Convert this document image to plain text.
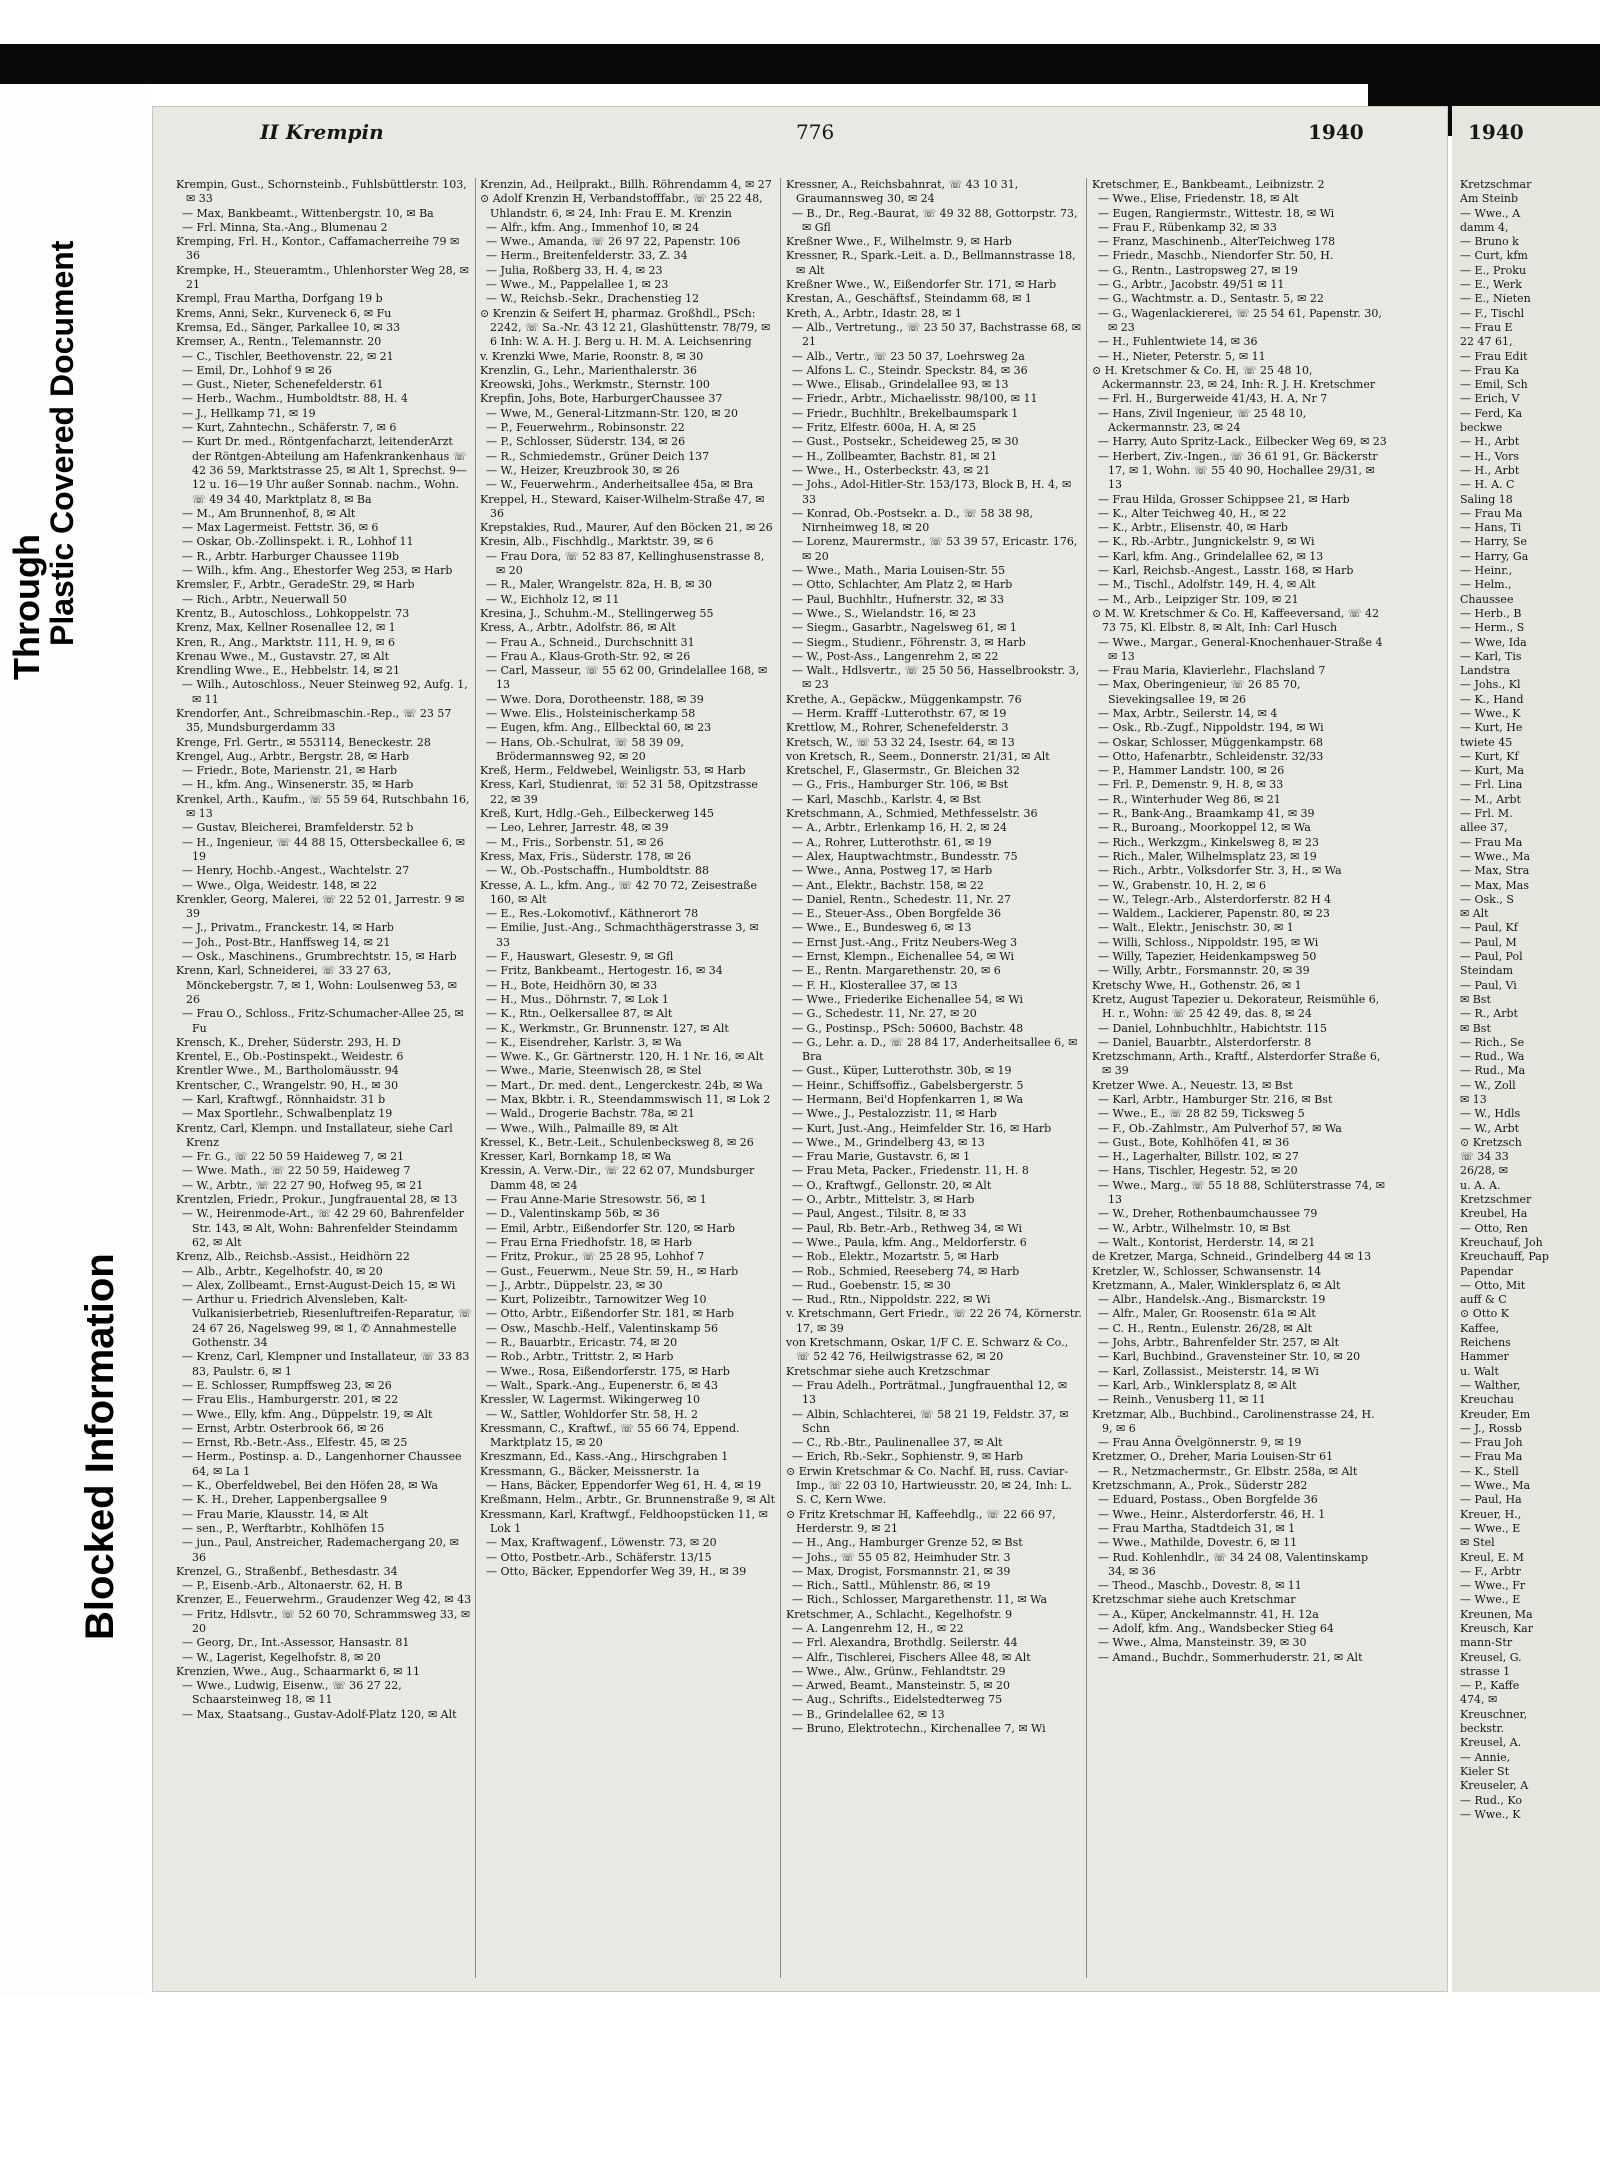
Through
Plastic Covered Document
Blocked Information
II Krempin	776	1940
Krempin, Gust., Schornsteinb., Fuhlsbüttlerstr. 103, ✉ 33
— Max, Bankbeamt., Wittenbergstr. 10, ✉ Ba
— Frl. Minna, Sta.-Ang., Blumenau 2
Kremping, Frl. H., Kontor., Caffamacherreihe 79 ✉ 36
Krempke, H., Steueramtm., Uhlenhorster Weg 28, ✉ 21
Krempl, Frau Martha, Dorfgang 19 b
Krems, Anni, Sekr., Kurveneck 6, ✉ Fu
Kremsa, Ed., Sänger, Parkallee 10, ✉ 33
Kremser, A., Rentn., Telemannstr. 20
— C., Tischler, Beethovenstr. 22, ✉ 21
— Emil, Dr., Lohhof 9 ✉ 26
— Gust., Nieter, Schenefelderstr. 61
— Herb., Wachm., Humboldtstr. 88, H. 4
— J., Hellkamp 71, ✉ 19
— Kurt, Zahntechn., Schäferstr. 7, ✉ 6
— Kurt Dr. med., Röntgenfacharzt, leitenderArzt der Röntgen-Abteilung am Hafenkrankenhaus ☏ 42 36 59, Marktstrasse 25, ✉ Alt 1, Sprechst. 9—12 u. 16—19 Uhr außer Sonnab. nachm., Wohn. ☏ 49 34 40, Marktplatz 8, ✉ Ba
— M., Am Brunnenhof, 8, ✉ Alt
— Max Lagermeist. Fettstr. 36, ✉ 6
— Oskar, Ob.-Zollinspekt. i. R., Lohhof 11
— R., Arbtr. Harburger Chaussee 119b
— Wilh., kfm. Ang., Ehestorfer Weg 253, ✉ Harb
Kremsler, F., Arbtr., GeradeStr. 29, ✉ Harb
— Rich., Arbtr., Neuerwall 50
Krentz, B., Autoschloss., Lohkoppelstr. 73
Krenz, Max, Kellner Rosenallee 12, ✉ 1
Kren, R., Ang., Marktstr. 111, H. 9, ✉ 6
Krenau Wwe., M., Gustavstr. 27, ✉ Alt
Krendling Wwe., E., Hebbelstr. 14, ✉ 21
— Wilh., Autoschloss., Neuer Steinweg 92, Aufg. 1, ✉ 11
Krendorfer, Ant., Schreibmaschin.-Rep., ☏ 23 57 35, Mundsburgerdamm 33
Krenge, Frl. Gertr., ✉ 553114, Beneckestr. 28
Krengel, Aug., Arbtr., Bergstr. 28, ✉ Harb
— Friedr., Bote, Marienstr. 21, ✉ Harb
— H., kfm. Ang., Winsenerstr. 35, ✉ Harb
Krenkel, Arth., Kaufm., ☏ 55 59 64, Rutschbahn 16, ✉ 13
— Gustav, Bleicherei, Bramfelderstr. 52 b
— H., Ingenieur, ☏ 44 88 15, Ottersbeckallee 6, ✉ 19
— Henry, Hochb.-Angest., Wachtelstr. 27
— Wwe., Olga, Weidestr. 148, ✉ 22
Krenkler, Georg, Malerei, ☏ 22 52 01, Jarrestr. 9 ✉ 39
— J., Privatm., Franckestr. 14, ✉ Harb
— Joh., Post-Btr., Hanffsweg 14, ✉ 21
— Osk., Maschinens., Grumbrechtstr. 15, ✉ Harb
Krenn, Karl, Schneiderei, ☏ 33 27 63, Mönckebergstr. 7, ✉ 1, Wohn: Loulsenweg 53, ✉ 26
— Frau O., Schloss., Fritz-Schumacher-Allee 25, ✉ Fu
Krensch, K., Dreher, Süderstr. 293, H. D
Krentel, E., Ob.-Postinspekt., Weidestr. 6
Krentler Wwe., M., Bartholomäusstr. 94
Krentscher, C., Wrangelstr. 90, H., ✉ 30
— Karl, Kraftwgf., Rönnhaidstr. 31 b
— Max Sportlehr., Schwalbenplatz 19
Krentz, Carl, Klempn. und Installateur, siehe Carl Krenz
— Fr. G., ☏ 22 50 59 Haideweg 7, ✉ 21
— Wwe. Math., ☏ 22 50 59, Haideweg 7
— W., Arbtr., ☏ 22 27 90, Hofweg 95, ✉ 21
Krentzlen, Friedr., Prokur., Jungfrauental 28, ✉ 13
— W., Heirenmode-Art., ☏ 42 29 60, Bahrenfelder Str. 143, ✉ Alt, Wohn: Bahrenfelder Steindamm 62, ✉ Alt
Krenz, Alb., Reichsb.-Assist., Heidhörn 22
— Alb., Arbtr., Kegelhofstr. 40, ✉ 20
— Alex, Zollbeamt., Ernst-August-Deich 15, ✉ Wi
— Arthur u. Friedrich Alvensleben, Kalt-Vulkanisierbetrieb, Riesenluftreifen-Reparatur, ☏ 24 67 26, Nagelsweg 99, ✉ 1, ✆ Annahmestelle Gothenstr. 34
— Krenz, Carl, Klempner und Installateur, ☏ 33 83 83, Paulstr. 6, ✉ 1
— E. Schlosser, Rumpffsweg 23, ✉ 26
— Frau Elis., Hamburgerstr. 201, ✉ 22
— Wwe., Elly, kfm. Ang., Düppelstr. 19, ✉ Alt
— Ernst, Arbtr. Osterbrook 66, ✉ 26
— Ernst, Rb.-Betr.-Ass., Elfestr. 45, ✉ 25
— Herm., Postinsp. a. D., Langenhorner Chaussee 64, ✉ La 1
— K., Oberfeldwebel, Bei den Höfen 28, ✉ Wa
— K. H., Dreher, Lappenbergsallee 9
— Frau Marie, Klausstr. 14, ✉ Alt
— sen., P., Werftarbtr., Kohlhöfen 15
— jun., Paul, Anstreicher, Rademachergang 20, ✉ 36
Krenzel, G., Straßenbf., Bethesdastr. 34
— P., Eisenb.-Arb., Altonaerstr. 62, H. B
Krenzer, E., Feuerwehrm., Graudenzer Weg 42, ✉ 43
— Fritz, Hdlsvtr., ☏ 52 60 70, Schrammsweg 33, ✉ 20
— Georg, Dr., Int.-Assessor, Hansastr. 81
— W., Lagerist, Kegelhofstr. 8, ✉ 20
Krenzien, Wwe., Aug., Schaarmarkt 6, ✉ 11
— Wwe., Ludwig, Eisenw., ☏ 36 27 22, Schaarsteinweg 18, ✉ 11
— Max, Staatsang., Gustav-Adolf-Platz 120, ✉ Alt
Krenzin, Ad., Heilprakt., Billh. Röhrendamm 4, ✉ 27
⊙ Adolf Krenzin ℍ, Verbandstofffabr., ☏ 25 22 48, Uhlandstr. 6, ✉ 24, Inh: Frau E. M. Krenzin
— Alfr., kfm. Ang., Immenhof 10, ✉ 24
— Wwe., Amanda, ☏ 26 97 22, Papenstr. 106
— Herm., Breitenfelderstr. 33, Z. 34
— Julia, Roßberg 33, H. 4, ✉ 23
— Wwe., M., Pappelallee 1, ✉ 23
— W., Reichsb.-Sekr., Drachenstieg 12
⊙ Krenzin & Seifert ℍ, pharmaz. Großhdl., PSch: 2242, ☏ Sa.-Nr. 43 12 21, Glashüttenstr. 78/79, ✉ 6 Inh: W. A. H. J. Berg u. H. M. A. Leichsenring
v. Krenzki Wwe, Marie, Roonstr. 8, ✉ 30
Krenzlin, G., Lehr., Marienthalerstr. 36
Kreowski, Johs., Werkmstr., Sternstr. 100
Krepfin, Johs, Bote, HarburgerChaussee 37
— Wwe, M., General-Litzmann-Str. 120, ✉ 20
— P., Feuerwehrm., Robinsonstr. 22
— P., Schlosser, Süderstr. 134, ✉ 26
— R., Schmiedemstr., Grüner Deich 137
— W., Heizer, Kreuzbrook 30, ✉ 26
— W., Feuerwehrm., Anderheitsallee 45a, ✉ Bra
Kreppel, H., Steward, Kaiser-Wilhelm-Straße 47, ✉ 36
Krepstakies, Rud., Maurer, Auf den Böcken 21, ✉ 26
Kresin, Alb., Fischhdlg., Marktstr. 39, ✉ 6
— Frau Dora, ☏ 52 83 87, Kellinghusenstrasse 8, ✉ 20
— R., Maler, Wrangelstr. 82a, H. B, ✉ 30
— W., Eichholz 12, ✉ 11
Kresina, J., Schuhm.-M., Stellingerweg 55
Kress, A., Arbtr., Adolfstr. 86, ✉ Alt
— Frau A., Schneid., Durchschnitt 31
— Frau A., Klaus-Groth-Str. 92, ✉ 26
— Carl, Masseur, ☏ 55 62 00, Grindelallee 168, ✉ 13
— Wwe. Dora, Dorotheenstr. 188, ✉ 39
— Wwe. Elis., Holsteinischerkamp 58
— Eugen, kfm. Ang., Ellbecktal 60, ✉ 23
— Hans, Ob.-Schulrat, ☏ 58 39 09, Brödermannsweg 92, ✉ 20
Kreß, Herm., Feldwebel, Weinligstr. 53, ✉ Harb
Kress, Karl, Studienrat, ☏ 52 31 58, Opitzstrasse 22, ✉ 39
Kreß, Kurt, Hdlg.-Geh., Eilbeckerweg 145
— Leo, Lehrer, Jarrestr. 48, ✉ 39
— M., Fris., Sorbenstr. 51, ✉ 26
Kress, Max, Fris., Süderstr. 178, ✉ 26
— W., Ob.-Postschaffn., Humboldtstr. 88
Kresse, A. L., kfm. Ang., ☏ 42 70 72, Zeisestraße 160, ✉ Alt
— E., Res.-Lokomotivf., Käthnerort 78
— Emilie, Just.-Ang., Schmachthägerstrasse 3, ✉ 33
— F., Hauswart, Glesestr. 9, ✉ Gfl
— Fritz, Bankbeamt., Hertogestr. 16, ✉ 34
— H., Bote, Heidhörn 30, ✉ 33
— H., Mus., Döhrnstr. 7, ✉ Lok 1
— K., Rtn., Oelkersallee 87, ✉ Alt
— K., Werkmstr., Gr. Brunnenstr. 127, ✉ Alt
— K., Eisendreher, Karlstr. 3, ✉ Wa
— Wwe. K., Gr. Gärtnerstr. 120, H. 1 Nr. 16, ✉ Alt
— Wwe., Marie, Steenwisch 28, ✉ Stel
— Mart., Dr. med. dent., Lengerckestr. 24b, ✉ Wa
— Max, Bkbtr. i. R., Steendammswisch 11, ✉ Lok 2
— Wald., Drogerie Bachstr. 78a, ✉ 21
— Wwe., Wilh., Palmaille 89, ✉ Alt
Kressel, K., Betr.-Leit., Schulenbecksweg 8, ✉ 26
Kresser, Karl, Bornkamp 18, ✉ Wa
Kressin, A. Verw.-Dir., ☏ 22 62 07, Mundsburger Damm 48, ✉ 24
— Frau Anne-Marie Stresowstr. 56, ✉ 1
— D., Valentinskamp 56b, ✉ 36
— Emil, Arbtr., Eißendorfer Str. 120, ✉ Harb
— Frau Erna Friedhofstr. 18, ✉ Harb
— Fritz, Prokur., ☏ 25 28 95, Lohhof 7
— Gust., Feuerwm., Neue Str. 59, H., ✉ Harb
— J., Arbtr., Düppelstr. 23, ✉ 30
— Kurt, Polizeibtr., Tarnowitzer Weg 10
— Otto, Arbtr., Eißendorfer Str. 181, ✉ Harb
— Osw., Maschb.-Helf., Valentinskamp 56
— R., Bauarbtr., Ericastr. 74, ✉ 20
— Rob., Arbtr., Trittstr. 2, ✉ Harb
— Wwe., Rosa, Eißendorferstr. 175, ✉ Harb
— Walt., Spark.-Ang., Eupenerstr. 6, ✉ 43
Kressler, W. Lagermst. Wikingerweg 10
— W., Sattler, Wohldorfer Str. 58, H. 2
Kressmann, C., Kraftwf., ☏ 55 66 74, Eppend. Marktplatz 15, ✉ 20
Kreszmann, Ed., Kass.-Ang., Hirschgraben 1
Kressmann, G., Bäcker, Meissnerstr. 1a
— Hans, Bäcker, Eppendorfer Weg 61, H. 4, ✉ 19
Kreßmann, Helm., Arbtr., Gr. Brunnenstraße 9, ✉ Alt
Kressmann, Karl, Kraftwgf., Feldhoopstücken 11, ✉ Lok 1
— Max, Kraftwagenf., Löwenstr. 73, ✉ 20
— Otto, Postbetr.-Arb., Schäferstr. 13/15
— Otto, Bäcker, Eppendorfer Weg 39, H., ✉ 39
Kressner, A., Reichsbahnrat, ☏ 43 10 31, Graumannsweg 30, ✉ 24
— B., Dr., Reg.-Baurat, ☏ 49 32 88, Gottorpstr. 73, ✉ Gfl
Kreßner Wwe., F., Wilhelmstr. 9, ✉ Harb
Kressner, R., Spark.-Leit. a. D., Bellmannstrasse 18, ✉ Alt
Kreßner Wwe., W., Eißendorfer Str. 171, ✉ Harb
Krestan, A., Geschäftsf., Steindamm 68, ✉ 1
Kreth, A., Arbtr., Idastr. 28, ✉ 1
— Alb., Vertretung., ☏ 23 50 37, Bachstrasse 68, ✉ 21
— Alb., Vertr., ☏ 23 50 37, Loehrsweg 2a
— Alfons L. C., Steindr. Speckstr. 84, ✉ 36
— Wwe., Elisab., Grindelallee 93, ✉ 13
— Friedr., Arbtr., Michaelisstr. 98/100, ✉ 11
— Friedr., Buchhltr., Brekelbaumspark 1
— Fritz, Elfestr. 600a, H. A, ✉ 25
— Gust., Postsekr., Scheideweg 25, ✉ 30
— H., Zollbeamter, Bachstr. 81, ✉ 21
— Wwe., H., Osterbeckstr. 43, ✉ 21
— Johs., Adol-Hitler-Str. 153/173, Block B, H. 4, ✉ 33
— Konrad, Ob.-Postsekr. a. D., ☏ 58 38 98, Nirnheimweg 18, ✉ 20
— Lorenz, Maurermstr., ☏ 53 39 57, Ericastr. 176, ✉ 20
— Wwe., Math., Maria Louisen-Str. 55
— Otto, Schlachter, Am Platz 2, ✉ Harb
— Paul, Buchhltr., Hufnerstr. 32, ✉ 33
— Wwe., S., Wielandstr. 16, ✉ 23
— Siegm., Gasarbtr., Nagelsweg 61, ✉ 1
— Siegm., Studienr., Föhrenstr. 3, ✉ Harb
— W., Post-Ass., Langenrehm 2, ✉ 22
— Walt., Hdlsvertr., ☏ 25 50 56, Hasselbrookstr. 3, ✉ 23
Krethe, A., Gepäckw., Müggenkampstr. 76
— Herm. Krafff -Lutterothstr. 67, ✉ 19
Krettlow, M., Rohrer, Schenefelderstr. 3
Kretsch, W., ☏ 53 32 24, Isestr. 64, ✉ 13
von Kretsch, R., Seem., Donnerstr. 21/31, ✉ Alt
Kretschel, F., Glasermstr., Gr. Bleichen 32
— G., Fris., Hamburger Str. 106, ✉ Bst
— Karl, Maschb., Karlstr. 4, ✉ Bst
Kretschmann, A., Schmied, Methfesselstr. 36
— A., Arbtr., Erlenkamp 16, H. 2, ✉ 24
— A., Rohrer, Lutterothstr. 61, ✉ 19
— Alex, Hauptwachtmstr., Bundesstr. 75
— Wwe., Anna, Postweg 17, ✉ Harb
— Ant., Elektr., Bachstr. 158, ✉ 22
— Daniel, Rentn., Schedestr. 11, Nr. 27
— E., Steuer-Ass., Oben Borgfelde 36
— Wwe., E., Bundesweg 6, ✉ 13
— Ernst Just.-Ang., Fritz Neubers-Weg 3
— Ernst, Klempn., Eichenallee 54, ✉ Wi
— E., Rentn. Margarethenstr. 20, ✉ 6
— F. H., Klosterallee 37, ✉ 13
— Wwe., Friederike Eichenallee 54, ✉ Wi
— G., Schedestr. 11, Nr. 27, ✉ 20
— G., Postinsp., PSch: 50600, Bachstr. 48
— G., Lehr. a. D., ☏ 28 84 17, Anderheitsallee 6, ✉ Bra
— Gust., Küper, Lutterothstr. 30b, ✉ 19
— Heinr., Schiffsoffiz., Gabelsbergerstr. 5
— Hermann, Bei'd Hopfenkarren 1, ✉ Wa
— Wwe., J., Pestalozzistr. 11, ✉ Harb
— Kurt, Just.-Ang., Heimfelder Str. 16, ✉ Harb
— Wwe., M., Grindelberg 43, ✉ 13
— Frau Marie, Gustavstr. 6, ✉ 1
— Frau Meta, Packer., Friedenstr. 11, H. 8
— O., Kraftwgf., Gellonstr. 20, ✉ Alt
— O., Arbtr., Mittelstr. 3, ✉ Harb
— Paul, Angest., Tilsitr. 8, ✉ 33
— Paul, Rb. Betr.-Arb., Rethweg 34, ✉ Wi
— Wwe., Paula, kfm. Ang., Meldorferstr. 6
— Rob., Elektr., Mozartstr. 5, ✉ Harb
— Rob., Schmied, Reeseberg 74, ✉ Harb
— Rud., Goebenstr. 15, ✉ 30
— Rud., Rtn., Nippoldstr. 222, ✉ Wi
v. Kretschmann, Gert Friedr., ☏ 22 26 74, Körnerstr. 17, ✉ 39
von Kretschmann, Oskar, 1/F C. E. Schwarz & Co., ☏ 52 42 76, Heilwigstrasse 62, ✉ 20
Kretschmar siehe auch Kretzschmar
— Frau Adelh., Porträtmal., Jungfrauenthal 12, ✉ 13
— Albin, Schlachterei, ☏ 58 21 19, Feldstr. 37, ✉ Schn
— C., Rb.-Btr., Paulinenallee 37, ✉ Alt
— Erich, Rb.-Sekr., Sophienstr. 9, ✉ Harb
⊙ Erwin Kretschmar & Co. Nachf. ℍ, russ. Caviar-Imp., ☏ 22 03 10, Hartwieusstr. 20, ✉ 24, Inh: L. S. C, Kern Wwe.
⊙ Fritz Kretschmar ℍ, Kaffeehdlg., ☏ 22 66 97, Herderstr. 9, ✉ 21
— H., Ang., Hamburger Grenze 52, ✉ Bst
— Johs., ☏ 55 05 82, Heimhuder Str. 3
— Max, Drogist, Forsmannstr. 21, ✉ 39
— Rich., Sattl., Mühlenstr. 86, ✉ 19
— Rich., Schlosser, Margarethenstr. 11, ✉ Wa
Kretschmer, A., Schlacht., Kegelhofstr. 9
— A. Langenrehm 12, H., ✉ 22
— Frl. Alexandra, Brothdlg. Seilerstr. 44
— Alfr., Tischlerei, Fischers Allee 48, ✉ Alt
— Wwe., Alw., Grünw., Fehlandtstr. 29
— Arwed, Beamt., Mansteinstr. 5, ✉ 20
— Aug., Schrifts., Eidelstedterweg 75
— B., Grindelallee 62, ✉ 13
— Bruno, Elektrotechn., Kirchenallee 7, ✉ Wi
Kretschmer, E., Bankbeamt., Leibnizstr. 2
— Wwe., Elise, Friedenstr. 18, ✉ Alt
— Eugen, Rangiermstr., Wittestr. 18, ✉ Wi
— Frau F., Rübenkamp 32, ✉ 33
— Franz, Maschinenb., AlterTeichweg 178
— Friedr., Maschb., Niendorfer Str. 50, H.
— G., Rentn., Lastropsweg 27, ✉ 19
— G., Arbtr., Jacobstr. 49/51 ✉ 11
— G., Wachtmstr. a. D., Sentastr. 5, ✉ 22
— G., Wagenlackiererei, ☏ 25 54 61, Papenstr. 30, ✉ 23
— H., Fuhlentwiete 14, ✉ 36
— H., Nieter, Peterstr. 5, ✉ 11
⊙ H. Kretschmer & Co. ℍ, ☏ 25 48 10, Ackermannstr. 23, ✉ 24, Inh: R. J. H. Kretschmer
— Frl. H., Burgerweide 41/43, H. A, Nr 7
— Hans, Zivil Ingenieur, ☏ 25 48 10, Ackermannstr. 23, ✉ 24
— Harry, Auto Spritz-Lack., Eilbecker Weg 69, ✉ 23
— Herbert, Ziv.-Ingen., ☏ 36 61 91, Gr. Bäckerstr 17, ✉ 1, Wohn. ☏ 55 40 90, Hochallee 29/31, ✉ 13
— Frau Hilda, Grosser Schippsee 21, ✉ Harb
— K., Alter Teichweg 40, H., ✉ 22
— K., Arbtr., Elisenstr. 40, ✉ Harb
— K., Rb.-Arbtr., Jungnickelstr. 9, ✉ Wi
— Karl, kfm. Ang., Grindelallee 62, ✉ 13
— Karl, Reichsb.-Angest., Lasstr. 168, ✉ Harb
— M., Tischl., Adolfstr. 149, H. 4, ✉ Alt
— M., Arb., Leipziger Str. 109, ✉ 21
⊙ M. W. Kretschmer & Co. ℍ, Kaffeeversand, ☏ 42 73 75, Kl. Elbstr. 8, ✉ Alt, Inh: Carl Husch
— Wwe., Margar., General-Knochenhauer-Straße 4 ✉ 13
— Frau Maria, Klavierlehr., Flachsland 7
— Max, Oberingenieur, ☏ 26 85 70, Sievekingsallee 19, ✉ 26
— Max, Arbtr., Seilerstr. 14, ✉ 4
— Osk., Rb.-Zugf., Nippoldstr. 194, ✉ Wi
— Oskar, Schlosser, Müggenkampstr. 68
— Otto, Hafenarbtr., Schleidenstr. 32/33
— P., Hammer Landstr. 100, ✉ 26
— Frl. P., Demenstr. 9, H. 8, ✉ 33
— R., Winterhuder Weg 86, ✉ 21
— R., Bank-Ang., Braamkamp 41, ✉ 39
— R., Buroang., Moorkoppel 12, ✉ Wa
— Rich., Werkzgm., Kinkelsweg 8, ✉ 23
— Rich., Maler, Wilhelmsplatz 23, ✉ 19
— Rich., Arbtr., Volksdorfer Str. 3, H., ✉ Wa
— W., Grabenstr. 10, H. 2, ✉ 6
— W., Telegr.-Arb., Alsterdorferstr. 82 H 4
— Waldem., Lackierer, Papenstr. 80, ✉ 23
— Walt., Elektr., Jenischstr. 30, ✉ 1
— Willi, Schloss., Nippoldstr. 195, ✉ Wi
— Willy, Tapezier, Heidenkampsweg 50
— Willy, Arbtr., Forsmannstr. 20, ✉ 39
Kretschy Wwe, H., Gothenstr. 26, ✉ 1
Kretz, August Tapezier u. Dekorateur, Reismühle 6, H. r., Wohn: ☏ 25 42 49, das. 8, ✉ 24
— Daniel, Lohnbuchhltr., Habichtstr. 115
— Daniel, Bauarbtr., Alsterdorferstr. 8
Kretzschmann, Arth., Kraftf., Alsterdorfer Straße 6, ✉ 39
Kretzer Wwe. A., Neuestr. 13, ✉ Bst
— Karl, Arbtr., Hamburger Str. 216, ✉ Bst
— Wwe., E., ☏ 28 82 59, Ticksweg 5
— F., Ob.-Zahlmstr., Am Pulverhof 57, ✉ Wa
— Gust., Bote, Kohlhöfen 41, ✉ 36
— H., Lagerhalter, Billstr. 102, ✉ 27
— Hans, Tischler, Hegestr. 52, ✉ 20
— Wwe., Marg., ☏ 55 18 88, Schlüterstrasse 74, ✉ 13
— W., Dreher, Rothenbaumchaussee 79
— W., Arbtr., Wilhelmstr. 10, ✉ Bst
— Walt., Kontorist, Herderstr. 14, ✉ 21
de Kretzer, Marga, Schneid., Grindelberg 44 ✉ 13
Kretzler, W., Schlosser, Schwansenstr. 14
Kretzmann, A., Maler, Winklersplatz 6, ✉ Alt
— Albr., Handelsk.-Ang., Bismarckstr. 19
— Alfr., Maler, Gr. Roosenstr. 61a ✉ Alt
— C. H., Rentn., Eulenstr. 26/28, ✉ Alt
— Johs, Arbtr., Bahrenfelder Str. 257, ✉ Alt
— Karl, Buchbind., Gravensteiner Str. 10, ✉ 20
— Karl, Zollassist., Meisterstr. 14, ✉ Wi
— Karl, Arb., Winklersplatz 8, ✉ Alt
— Reinh., Venusberg 11, ✉ 11
Kretzmar, Alb., Buchbind., Carolinenstrasse 24, H. 9, ✉ 6
— Frau Anna Övelgönnerstr. 9, ✉ 19
Kretzmer, O., Dreher, Maria Louisen-Str 61
— R., Netzmachermstr., Gr. Elbstr. 258a, ✉ Alt
Kretzschmann, A., Prok., Süderstr 282
— Eduard, Postass., Oben Borgfelde 36
— Wwe., Heinr., Alsterdorferstr. 46, H. 1
— Frau Martha, Stadtdeich 31, ✉ 1
— Wwe., Mathilde, Dovestr. 6, ✉ 11
— Rud. Kohlenhdlr., ☏ 34 24 08, Valentinskamp 34, ✉ 36
— Theod., Maschb., Dovestr. 8, ✉ 11
Kretzschmar siehe auch Kretschmar
— A., Küper, Anckelmannstr. 41, H. 12a
— Adolf, kfm. Ang., Wandsbecker Stieg 64
— Wwe., Alma, Mansteinstr. 39, ✉ 30
— Amand., Buchdr., Sommerhuderstr. 21, ✉ Alt
1940
Kretzschmar
Am Steinb
— Wwe., A
damm 4,
— Bruno k
— Curt, kfm
— E., Proku
— E., Werk
— E., Nieten
— F., Tischl
— Frau E
22 47 61,
— Frau Edit
— Frau Ka
— Emil, Sch
— Erich, V
— Ferd, Ka
beckwe
— H., Arbt
— H., Vors
— H., Arbt
— H. A. C
Saling 18
— Frau Ma
— Hans, Ti
— Harry, Se
— Harry, Ga
— Heinr.,
— Helm.,
Chaussee
— Herb., B
— Herm., S
— Wwe, Ida
— Karl, Tis
Landstra
— Johs., Kl
— K., Hand
— Wwe., K
— Kurt, He
twiete 45
— Kurt, Kf
— Kurt, Ma
— Frl. Lina
— M., Arbt
— Frl. M.
allee 37,
— Frau Ma
— Wwe., Ma
— Max, Stra
— Max, Mas
— Osk., S
✉ Alt
— Paul, Kf
— Paul, M
— Paul, Pol
Steindam
— Paul, Vi
✉ Bst
— R., Arbt
✉ Bst
— Rich., Se
— Rud., Wa
— Rud., Ma
— W., Zoll
✉ 13
— W., Hdls
— W., Arbt
⊙ Kretzsch
☏ 34 33
26/28, ✉
u. A. A.
Kretzschmer
Kreubel, Ha
— Otto, Ren
Kreuchauf, Joh
Kreuchauff, Pap
Papendar
— Otto, Mit
auff & C
⊙ Otto K
Kaffee,
Reichens
Hammer
u. Walt
— Walther,
Kreuchau
Kreuder, Em
— J., Rossb
— Frau Joh
— Frau Ma
— K., Stell
— Wwe., Ma
— Paul, Ha
Kreuer, H.,
— Wwe., E
✉ Stel
Kreul, E. M
— F., Arbtr
— Wwe., Fr
— Wwe., E
Kreunen, Ma
Kreusch, Kar
mann-Str
Kreusel, G.
strasse 1
— P., Kaffe
474, ✉
Kreuschner,
beckstr.
Kreusel, A.
— Annie,
Kieler St
Kreuseler, A
— Rud., Ko
— Wwe., K
